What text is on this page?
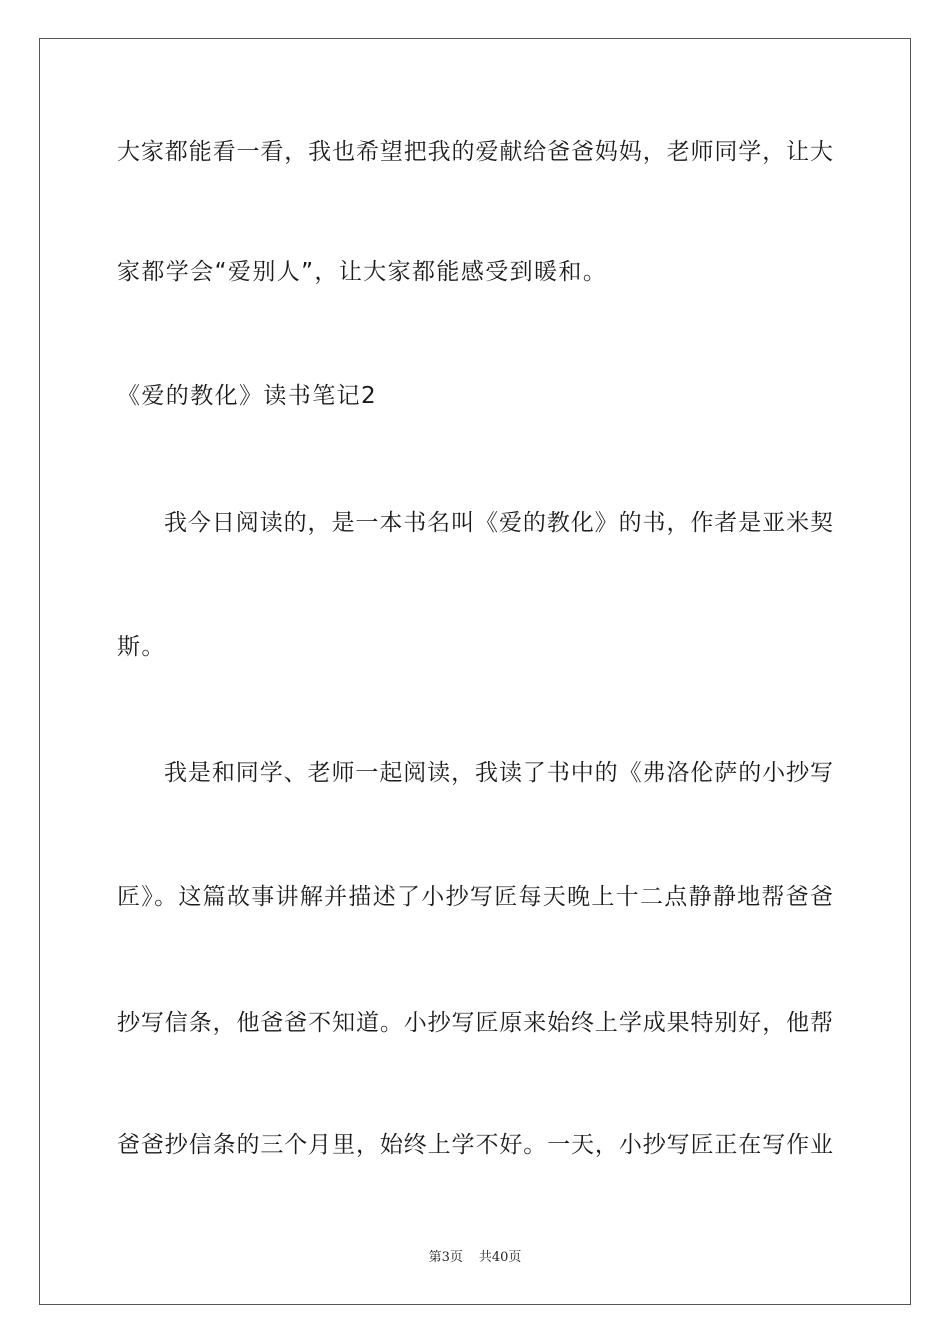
大家都能看一看，我也希望把我的爱献给爸爸妈妈，老师同学，让大
家都学会“爱别人”，让大家都能感受到暖和。
《爱的教化》读书笔记2
我今日阅读的，是一本书名叫《爱的教化》的书，作者是亚米契
斯。
我是和同学、老师一起阅读，我读了书中的《弗洛伦萨的小抄写
匠》。这篇故事讲解并描述了小抄写匠每天晚上十二点静静地帮爸爸
抄写信条，他爸爸不知道。小抄写匠原来始终上学成果特别好，他帮
爸爸抄信条的三个月里，始终上学不好。一天，小抄写匠正在写作业
第3页 共40页
